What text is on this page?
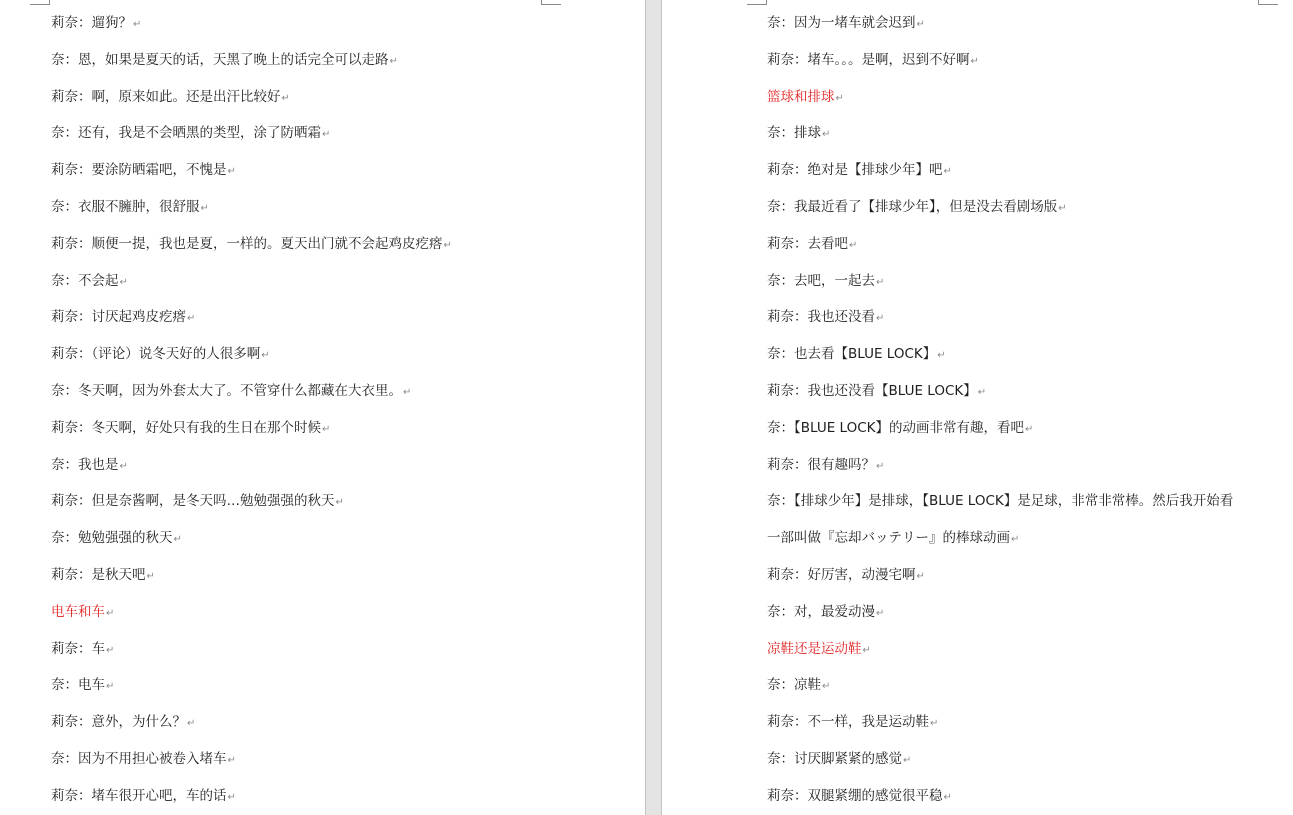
莉奈：遛狗？↵
奈：恩，如果是夏天的话，天黑了晚上的话完全可以走路↵
莉奈：啊，原来如此。还是出汗比较好↵
奈：还有，我是不会晒黑的类型，涂了防晒霜↵
莉奈：要涂防晒霜吧，不愧是↵
奈：衣服不臃肿，很舒服↵
莉奈：顺便一提，我也是夏，一样的。夏天出门就不会起鸡皮疙瘩↵
奈：不会起↵
莉奈：讨厌起鸡皮疙瘩↵
莉奈：（评论）说冬天好的人很多啊↵
奈：冬天啊，因为外套太大了。不管穿什么都藏在大衣里。↵
莉奈：冬天啊，好处只有我的生日在那个时候↵
奈：我也是↵
莉奈：但是奈酱啊，是冬天吗…勉勉强强的秋天↵
奈：勉勉强强的秋天↵
莉奈：是秋天吧↵
电车和车↵
莉奈：车↵
奈：电车↵
莉奈：意外，为什么？↵
奈：因为不用担心被卷入堵车↵
莉奈：堵车很开心吧，车的话↵
奈：因为一堵车就会迟到↵
莉奈：堵车。。。是啊，迟到不好啊↵
篮球和排球↵
奈：排球↵
莉奈：绝对是【排球少年】吧↵
奈：我最近看了【排球少年】，但是没去看剧场版↵
莉奈：去看吧↵
奈：去吧，一起去↵
莉奈：我也还没看↵
奈：也去看【BLUE LOCK】↵
莉奈：我也还没看【BLUE LOCK】↵
奈：【BLUE LOCK】的动画非常有趣，看吧↵
莉奈：很有趣吗？↵
奈：【排球少年】是排球，【BLUE LOCK】是足球，非常非常棒。然后我开始看
一部叫做『忘却バッテリー』的棒球动画↵
莉奈：好厉害，动漫宅啊↵
奈：对，最爱动漫↵
凉鞋还是运动鞋↵
奈：凉鞋↵
莉奈：不一样，我是运动鞋↵
奈：讨厌脚紧紧的感觉↵
莉奈：双腿紧绷的感觉很平稳↵
